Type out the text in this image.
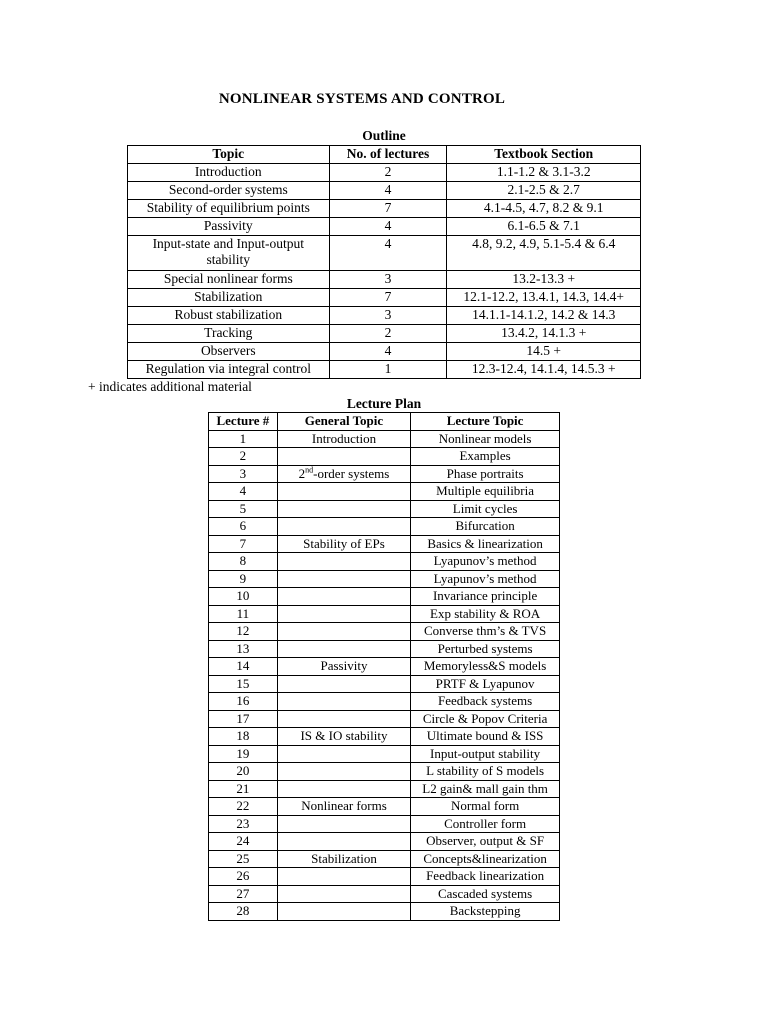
NONLINEAR SYSTEMS AND CONTROL
Outline
Topic	No. of lectures	Textbook Section
Introduction	2	1.1-1.2 & 3.1-3.2
Second-order systems	4	2.1-2.5 & 2.7
Stability of equilibrium points	7	4.1-4.5, 4.7, 8.2 & 9.1
Passivity	4	6.1-6.5 & 7.1
Input-state and Input-output stability	4	4.8, 9.2, 4.9, 5.1-5.4 & 6.4
Special nonlinear forms	3	13.2-13.3 +
Stabilization	7	12.1-12.2, 13.4.1, 14.3, 14.4+
Robust stabilization	3	14.1.1-14.1.2, 14.2 & 14.3
Tracking	2	13.4.2, 14.1.3 +
Observers	4	14.5 +
Regulation via integral control	1	12.3-12.4, 14.1.4, 14.5.3 +
+ indicates additional material
Lecture Plan
Lecture #	General Topic	Lecture Topic
1	Introduction	Nonlinear models
2		Examples
3	2nd-order systems	Phase portraits
4		Multiple equilibria
5		Limit cycles
6		Bifurcation
7	Stability of EPs	Basics & linearization
8		Lyapunov’s method
9		Lyapunov’s method
10		Invariance principle
11		Exp stability & ROA
12		Converse thm’s & TVS
13		Perturbed systems
14	Passivity	Memoryless&S models
15		PRTF & Lyapunov
16		Feedback systems
17		Circle & Popov Criteria
18	IS & IO stability	Ultimate bound & ISS
19		Input-output stability
20		L stability of S models
21		L2 gain& mall gain thm
22	Nonlinear forms	Normal form
23		Controller form
24		Observer, output & SF
25	Stabilization	Concepts&linearization
26		Feedback linearization
27		Cascaded systems
28		Backstepping
